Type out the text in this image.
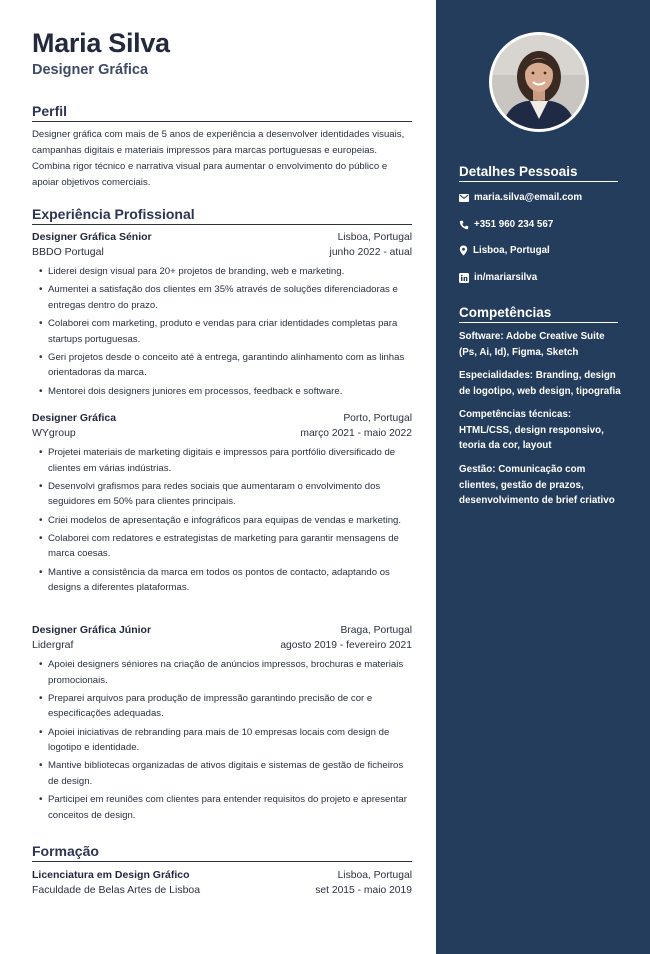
Maria Silva
Designer Gráfica
Perfil
Designer gráfica com mais de 5 anos de experiência a desenvolver identidades visuais, campanhas digitais e materiais impressos para marcas portuguesas e europeias. Combina rigor técnico e narrativa visual para aumentar o envolvimento do público e apoiar objetivos comerciais.
Experiência Profissional
Designer Gráfica Sénior	Lisboa, Portugal
BBDO Portugal	junho 2022 - atual
• Liderei design visual para 20+ projetos de branding, web e marketing.
• Aumentei a satisfação dos clientes em 35% através de soluções diferenciadoras e entregas dentro do prazo.
• Colaborei com marketing, produto e vendas para criar identidades completas para startups portuguesas.
• Geri projetos desde o conceito até à entrega, garantindo alinhamento com as linhas orientadoras da marca.
• Mentorei dois designers juniores em processos, feedback e software.
Designer Gráfica	Porto, Portugal
WYgroup	março 2021 - maio 2022
• Projetei materiais de marketing digitais e impressos para portfólio diversificado de clientes em várias indústrias.
• Desenvolvi grafismos para redes sociais que aumentaram o envolvimento dos seguidores em 50% para clientes principais.
• Criei modelos de apresentação e infográficos para equipas de vendas e marketing.
• Colaborei com redatores e estrategistas de marketing para garantir mensagens de marca coesas.
• Mantive a consistência da marca em todos os pontos de contacto, adaptando os designs a diferentes plataformas.
Designer Gráfica Júnior	Braga, Portugal
Lidergraf	agosto 2019 - fevereiro 2021
• Apoiei designers séniores na criação de anúncios impressos, brochuras e materiais promocionais.
• Preparei arquivos para produção de impressão garantindo precisão de cor e especificações adequadas.
• Apoiei iniciativas de rebranding para mais de 10 empresas locais com design de logotipo e identidade.
• Mantive bibliotecas organizadas de ativos digitais e sistemas de gestão de ficheiros de design.
• Participei em reuniões com clientes para entender requisitos do projeto e apresentar conceitos de design.
Formação
Licenciatura em Design Gráfico	Lisboa, Portugal
Faculdade de Belas Artes de Lisboa	set 2015 - maio 2019
Detalhes Pessoais
maria.silva@email.com
+351 960 234 567
Lisboa, Portugal
in/mariarsilva
Competências
Software: Adobe Creative Suite (Ps, Ai, Id), Figma, Sketch
Especialidades: Branding, design de logotipo, web design, tipografia
Competências técnicas: HTML/CSS, design responsivo, teoria da cor, layout
Gestão: Comunicação com clientes, gestão de prazos, desenvolvimento de brief criativo
